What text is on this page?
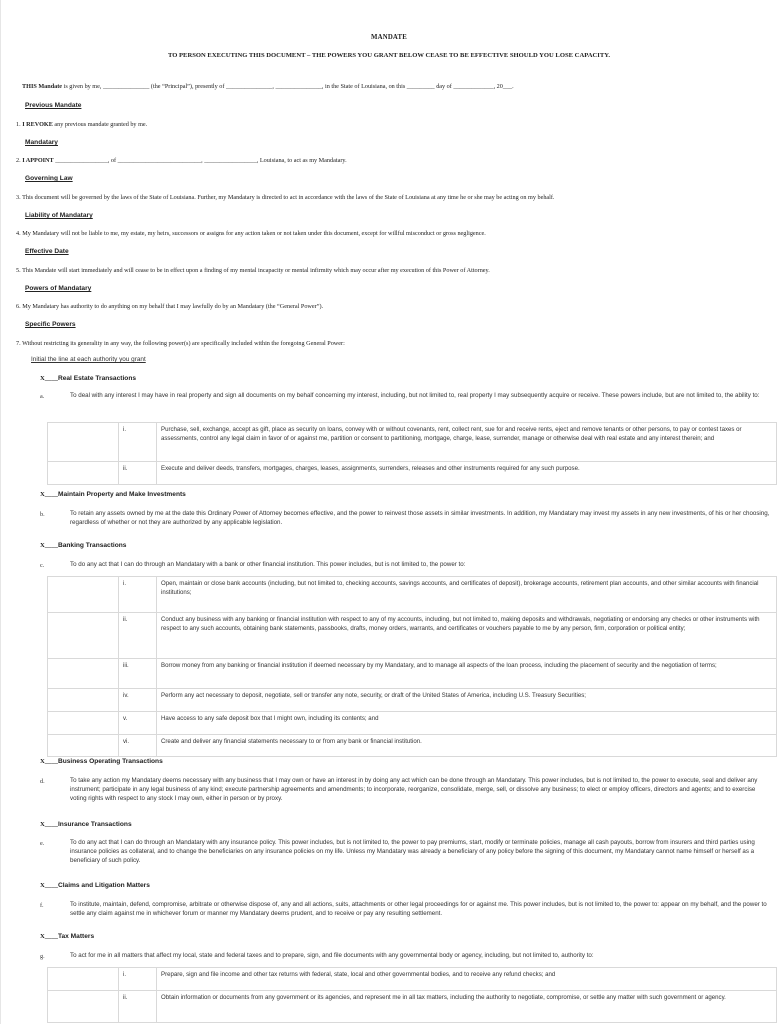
MANDATE
TO PERSON EXECUTING THIS DOCUMENT – THE POWERS YOU GRANT BELOW CEASE TO BE EFFECTIVE SHOULD YOU LOSE CAPACITY.
THIS Mandate is given by me, _______________ (the “Principal”), presently of _______________, _______________, in the State of Louisiana, on this _________ day of _____________, 20___.
Previous Mandate
1. I REVOKE any previous mandate granted by me.
Mandatary
2. I APPOINT _________________, of ___________________________, _________________, Louisiana, to act as my Mandatary.
Governing Law
3. This document will be governed by the laws of the State of Louisiana. Further, my Mandatary is directed to act in accordance with the laws of the State of Louisiana at any time he or she may be acting on my behalf.
Liability of Mandatary
4. My Mandatary will not be liable to me, my estate, my heirs, successors or assigns for any action taken or not taken under this document, except for willful misconduct or gross negligence.
Effective Date
5. This Mandate will start immediately and will cease to be in effect upon a finding of my mental incapacity or mental infirmity which may occur after my execution of this Power of Attorney.
Powers of Mandatary
6. My Mandatary has authority to do anything on my behalf that I may lawfully do by an Mandatary (the “General Power”).
Specific Powers
7. Without restricting its generality in any way, the following power(s) are specifically included within the foregoing General Power:
Initial the line at each authority you grant
X____Real Estate Transactions
a.	To deal with any interest I may have in real property and sign all documents on my behalf concerning my interest, including, but not limited to, real property I may subsequently acquire or receive. These powers include, but are not limited to, the ability to:
	i.	Purchase, sell, exchange, accept as gift, place as security on loans, convey with or without covenants, rent, collect rent, sue for and receive rents, eject and remove tenants or other persons, to pay or contest taxes or assessments, control any legal claim in favor of or against me, partition or consent to partitioning, mortgage, charge, lease, surrender, manage or otherwise deal with real estate and any interest therein; and
	ii.	Execute and deliver deeds, transfers, mortgages, charges, leases, assignments, surrenders, releases and other instruments required for any such purpose.
X____Maintain Property and Make Investments
b.	To retain any assets owned by me at the date this Ordinary Power of Attorney becomes effective, and the power to reinvest those assets in similar investments. In addition, my Mandatary may invest my assets in any new investments, of his or her choosing, regardless of whether or not they are authorized by any applicable legislation.
X____Banking Transactions
c.	To do any act that I can do through an Mandatary with a bank or other financial institution. This power includes, but is not limited to, the power to:
	i.	Open, maintain or close bank accounts (including, but not limited to, checking accounts, savings accounts, and certificates of deposit), brokerage accounts, retirement plan accounts, and other similar accounts with financial institutions;
	ii.	Conduct any business with any banking or financial institution with respect to any of my accounts, including, but not limited to, making deposits and withdrawals, negotiating or endorsing any checks or other instruments with respect to any such accounts, obtaining bank statements, passbooks, drafts, money orders, warrants, and certificates or vouchers payable to me by any person, firm, corporation or political entity;
	iii.	Borrow money from any banking or financial institution if deemed necessary by my Mandatary, and to manage all aspects of the loan process, including the placement of security and the negotiation of terms;
	iv.	Perform any act necessary to deposit, negotiate, sell or transfer any note, security, or draft of the United States of America, including U.S. Treasury Securities;
	v.	Have access to any safe deposit box that I might own, including its contents; and
	vi.	Create and deliver any financial statements necessary to or from any bank or financial institution.
X____Business Operating Transactions
d.	To take any action my Mandatary deems necessary with any business that I may own or have an interest in by doing any act which can be done through an Mandatary. This power includes, but is not limited to, the power to execute, seal and deliver any instrument; participate in any legal business of any kind; execute partnership agreements and amendments; to incorporate, reorganize, consolidate, merge, sell, or dissolve any business; to elect or employ officers, directors and agents; and to exercise voting rights with respect to any stock I may own, either in person or by proxy.
X____Insurance Transactions
e.	To do any act that I can do through an Mandatary with any insurance policy. This power includes, but is not limited to, the power to pay premiums, start, modify or terminate policies, manage all cash payouts, borrow from insurers and third parties using insurance policies as collateral, and to change the beneficiaries on any insurance policies on my life. Unless my Mandatary was already a beneficiary of any policy before the signing of this document, my Mandatary cannot name himself or herself as a beneficiary of such policy.
X____Claims and Litigation Matters
f.	To institute, maintain, defend, compromise, arbitrate or otherwise dispose of, any and all actions, suits, attachments or other legal proceedings for or against me. This power includes, but is not limited to, the power to: appear on my behalf, and the power to settle any claim against me in whichever forum or manner my Mandatary deems prudent, and to receive or pay any resulting settlement.
X____Tax Matters
g.	To act for me in all matters that affect my local, state and federal taxes and to prepare, sign, and file documents with any governmental body or agency, including, but not limited to, authority to:
	i.	Prepare, sign and file income and other tax returns with federal, state, local and other governmental bodies, and to receive any refund checks; and
	ii.	Obtain information or documents from any government or its agencies, and represent me in all tax matters, including the authority to negotiate, compromise, or settle any matter with such government or agency.
